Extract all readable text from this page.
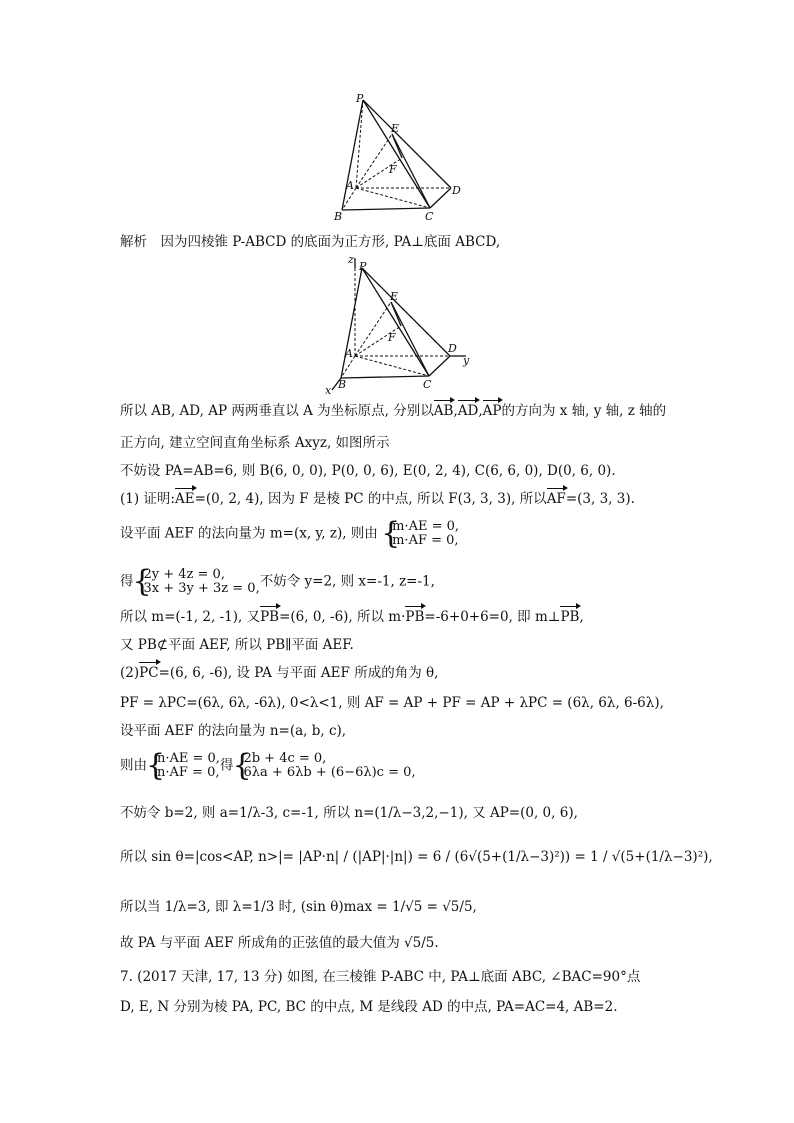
P
E
F
A	D
B	C
解析　因为四棱锥 P-ABCD 的底面为正方形, PA⊥底面 ABCD,
z
P
E
F
A	D
y
x B	C
所以 AB, AD, AP 两两垂直以 A 为坐标原点, 分别以AB,AD,AP的方向为 x 轴, y 轴, z 轴的
正方向, 建立空间直角坐标系 Axyz, 如图所示
不妨设 PA=AB=6, 则 B(6, 0, 0), P(0, 0, 6), E(0, 2, 4), C(6, 6, 0), D(0, 6, 0).
(1) 证明:AE=(0, 2, 4), 因为 F 是棱 PC 的中点, 所以 F(3, 3, 3), 所以AF=(3, 3, 3).
设平面 AEF 的法向量为 m=(x, y, z), 则由 { m·AE = 0,
m·AF = 0,
得 { 2y + 4z = 0,
3x + 3y + 3z = 0, 不妨令 y=2, 则 x=-1, z=-1,
所以 m=(-1, 2, -1), 又PB=(6, 0, -6), 所以 m·PB=-6+0+6=0, 即 m⊥PB,
又 PB⊄平面 AEF, 所以 PB∥平面 AEF.
(2)PC=(6, 6, -6), 设 PA 与平面 AEF 所成的角为 θ,
PF = λPC=(6λ, 6λ, -6λ), 0<λ<1, 则 AF = AP + PF = AP + λPC = (6λ, 6λ, 6-6λ),
设平面 AEF 的法向量为 n=(a, b, c),
则由 { n·AE = 0,
n·AF = 0, 得 { 2b + 4c = 0,
6λa + 6λb + (6−6λ)c = 0,
不妨令 b=2, 则 a=1/λ-3, c=-1, 所以 n=(1/λ−3,2,−1), 又 AP=(0, 0, 6),
所以 sin θ=|cos<AP, n>|= |AP·n| / (|AP|·|n|) = 6 / (6√(5+(1/λ−3)²)) = 1 / √(5+(1/λ−3)²),
所以当 1/λ=3, 即 λ=1/3 时, (sin θ)max = 1/√5 = √5/5,
故 PA 与平面 AEF 所成角的正弦值的最大值为 √5/5.
7. (2017 天津, 17, 13 分) 如图, 在三棱锥 P-ABC 中, PA⊥底面 ABC, ∠BAC=90°点
D, E, N 分别为棱 PA, PC, BC 的中点, M 是线段 AD 的中点, PA=AC=4, AB=2.
